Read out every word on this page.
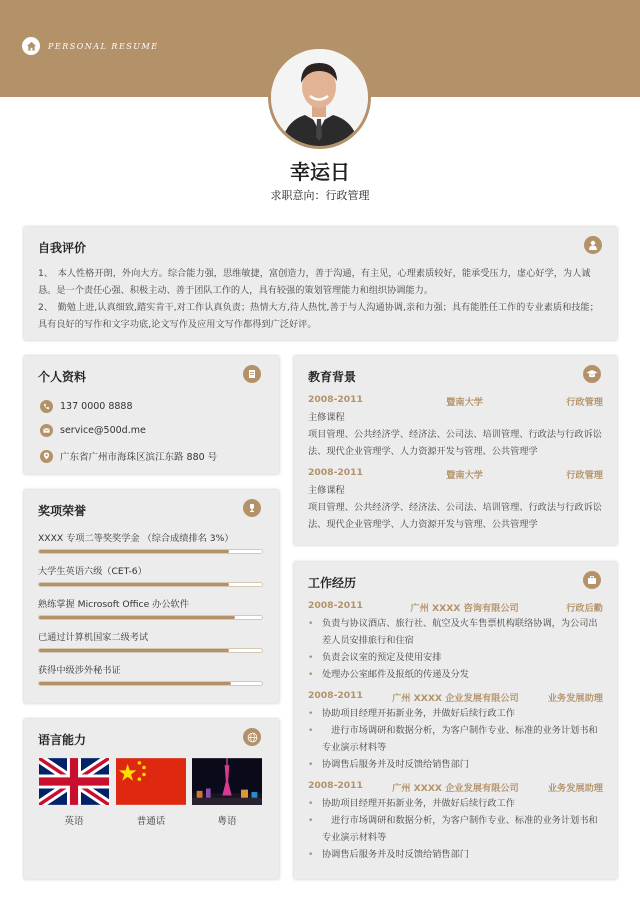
PERSONAL RESUME
幸运日
求职意向：行政管理
自我评价
1、　本人性格开朗，外向大方。综合能力强，思维敏捷，富创造力，善于沟通，有主见，心理素质较好，能承受压力，虚心好学，为人诚恳。是一个责任心强、积极主动、善于团队工作的人，具有较强的策划管理能力和组织协调能力。
2、　勤勉上进,认真细致,踏实肯干,对工作认真负责；热情大方,待人热忱,善于与人沟通协调,亲和力强；具有能胜任工作的专业素质和技能；具有良好的写作和文字功底,论文写作及应用文写作都得到广泛好评。
个人资料
137 0000 8888
service@500d.me
广东省广州市海珠区滨江东路 880 号
奖项荣誉
XXXX 专项二等奖奖学金 （综合成绩排名 3%）
大学生英语六级（CET-6）
熟练掌握 Microsoft Office 办公软件
已通过计算机国家二级考试
获得中级涉外秘书证
语言能力
英语	普通话	粤语
教育背景
2008-2011	暨南大学	行政管理
主修课程
项目管理、公共经济学、经济法、公司法、培训管理、行政法与行政诉讼法、现代企业管理学、人力资源开发与管理、公共管理学
2008-2011	暨南大学	行政管理
主修课程
项目管理、公共经济学、经济法、公司法、培训管理、行政法与行政诉讼法、现代企业管理学、人力资源开发与管理、公共管理学
工作经历
2008-2011	广州 XXXX 咨询有限公司	行政后勤
• 负责与协议酒店、旅行社、航空及火车售票机构联络协调，为公司出差人员安排旅行和住宿
• 负责会议室的预定及使用安排
• 处理办公室邮件及报纸的传递及分发
2008-2011	广州 XXXX 企业发展有限公司	业务发展助理
• 协助项目经理开拓新业务，并做好后续行政工作
• 　进行市场调研和数据分析，为客户制作专业、标准的业务计划书和专业演示材料等
• 协调售后服务并及时反馈给销售部门
2008-2011	广州 XXXX 企业发展有限公司	业务发展助理
• 协助项目经理开拓新业务，并做好后续行政工作
• 　进行市场调研和数据分析，为客户制作专业、标准的业务计划书和专业演示材料等
• 协调售后服务并及时反馈给销售部门
